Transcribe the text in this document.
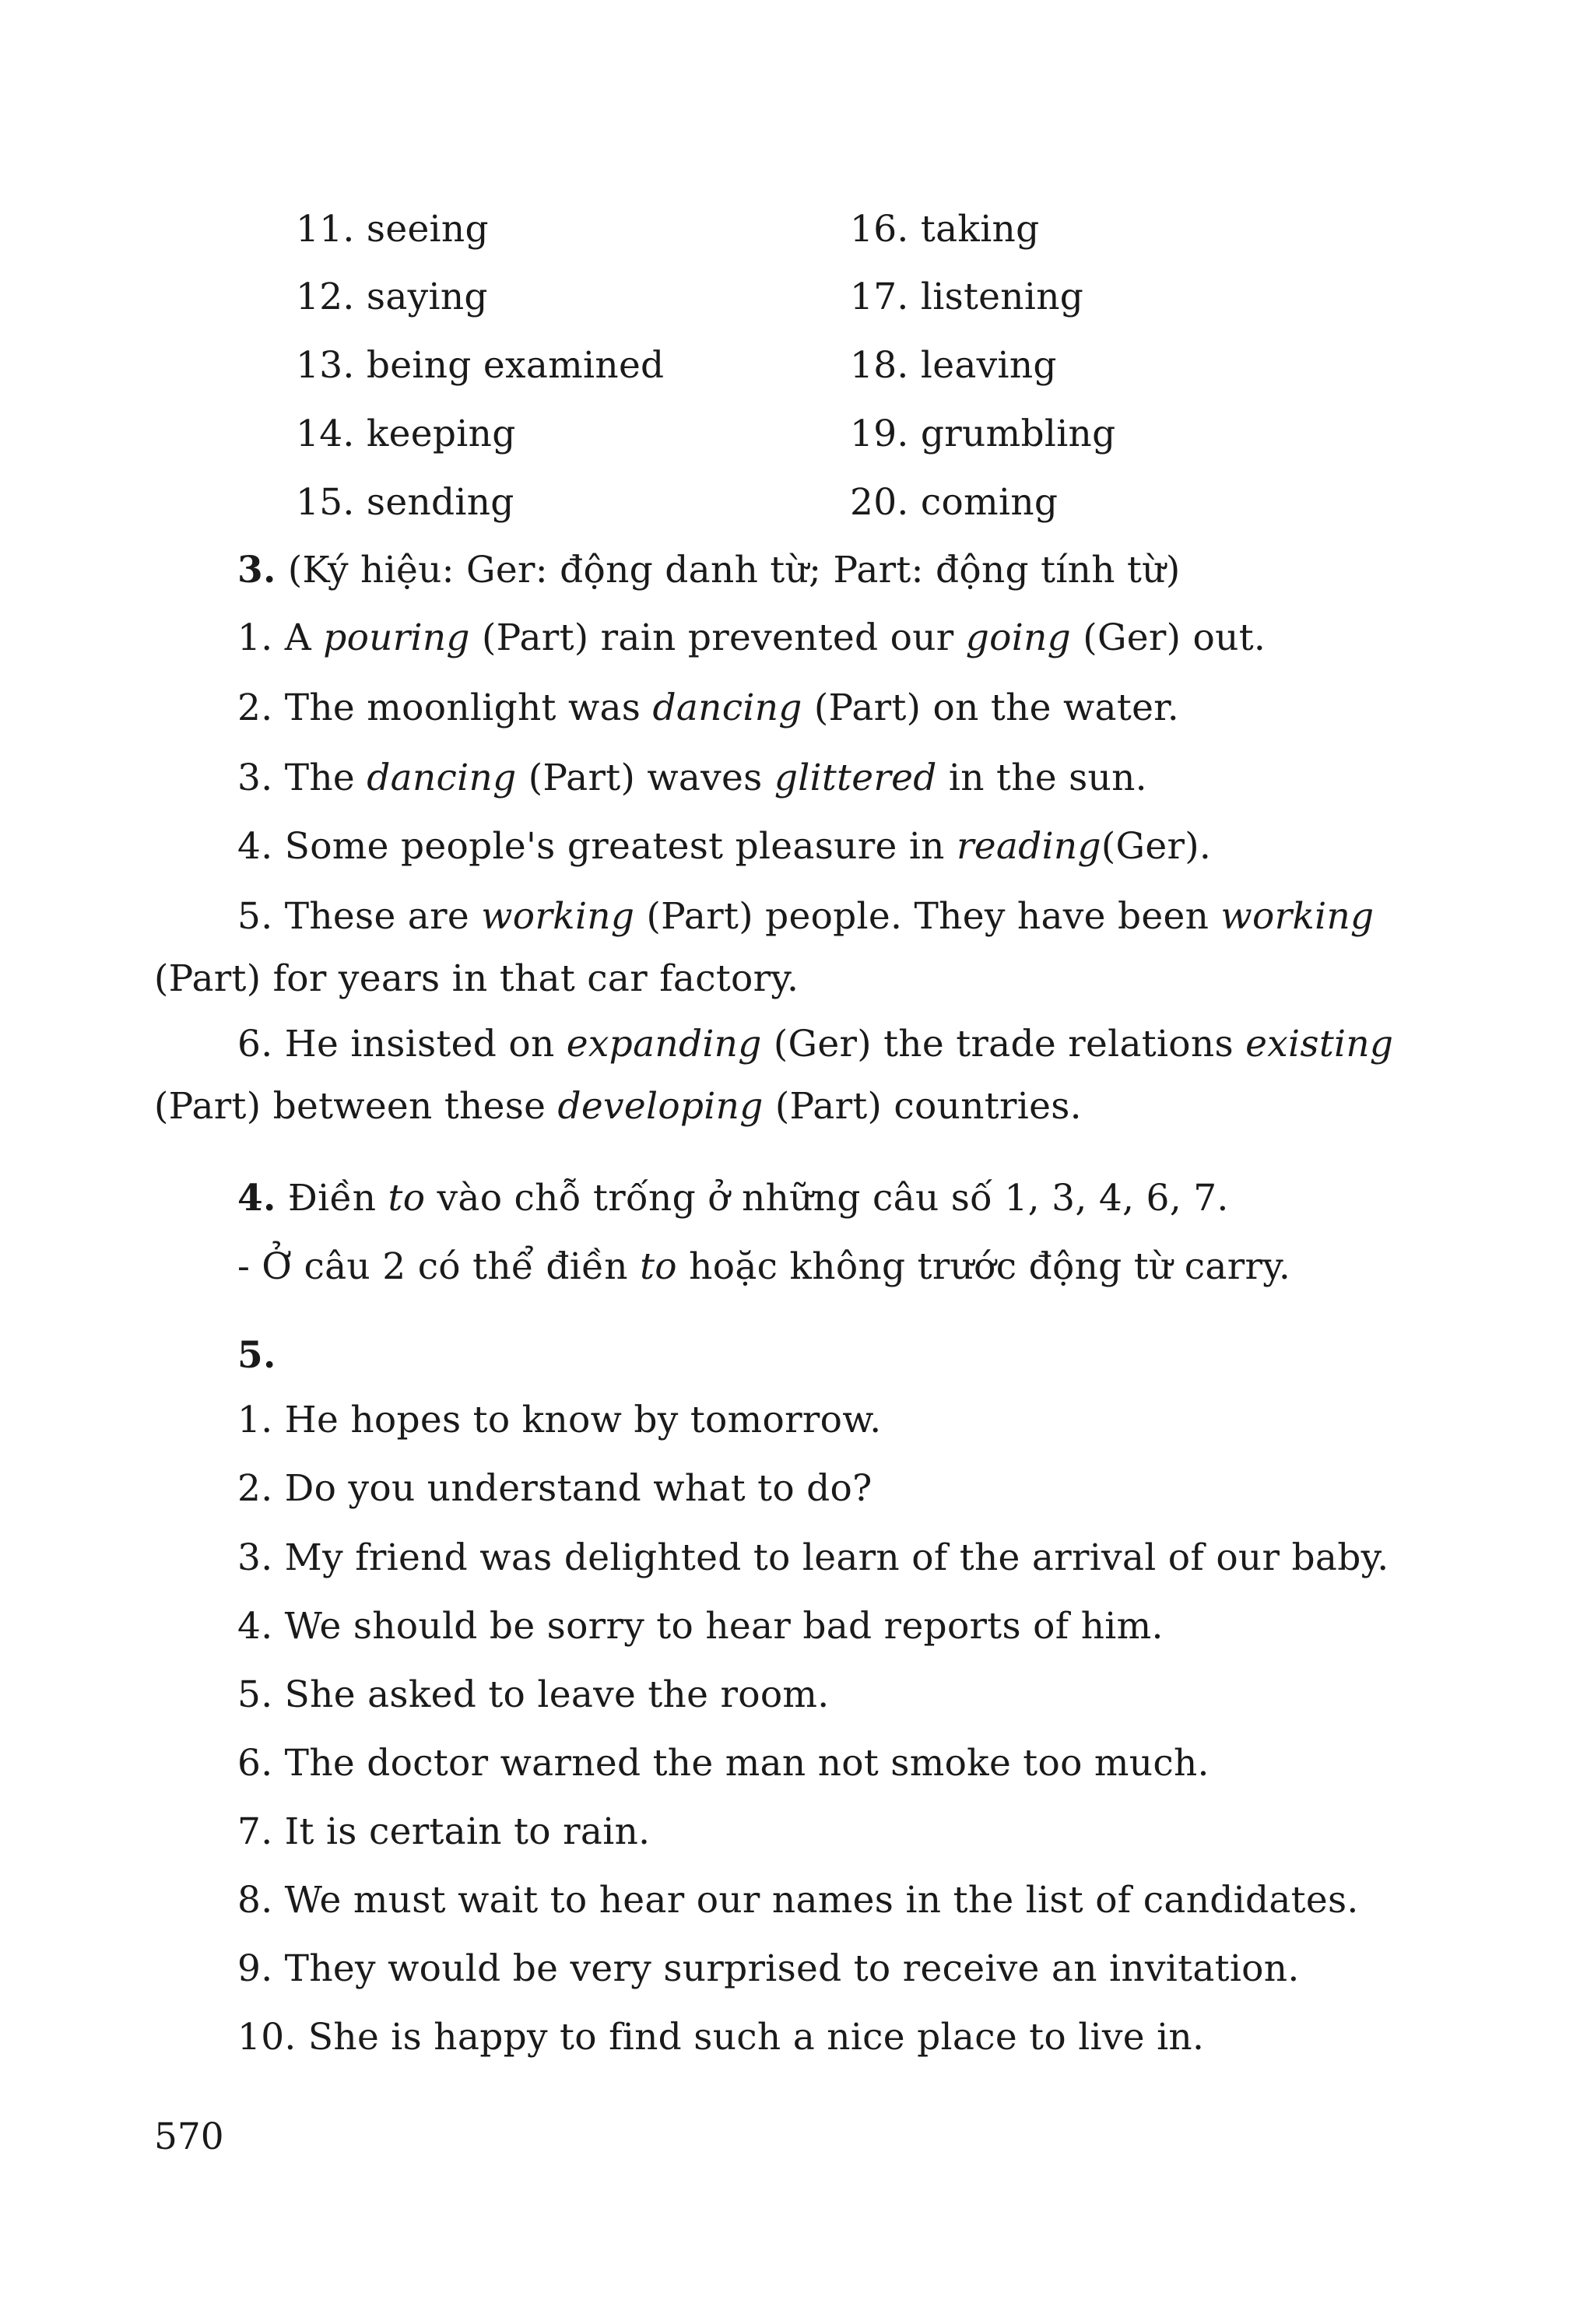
11. seeing	16. taking
12. saying	17. listening
13. being examined	18. leaving
14. keeping	19. grumbling
15. sending	20. coming
3. (Ký hiệu: Ger: động danh từ; Part: động tính từ)
1. A pouring (Part) rain prevented our going (Ger) out.
2. The moonlight was dancing (Part) on the water.
3. The dancing (Part) waves glittered in the sun.
4. Some people's greatest pleasure in reading(Ger).
5. These are working (Part) people. They have been working
(Part) for years in that car factory.
6. He insisted on expanding (Ger) the trade relations existing
(Part) between these developing (Part) countries.
4. Điền to vào chỗ trống ở những câu số 1, 3, 4, 6, 7.
- Ở câu 2 có thể điền to hoặc không trước động từ carry.
5.
1. He hopes to know by tomorrow.
2. Do you understand what to do?
3. My friend was delighted to learn of the arrival of our baby.
4. We should be sorry to hear bad reports of him.
5. She asked to leave the room.
6. The doctor warned the man not smoke too much.
7. It is certain to rain.
8. We must wait to hear our names in the list of candidates.
9. They would be very surprised to receive an invitation.
10. She is happy to find such a nice place to live in.
570
